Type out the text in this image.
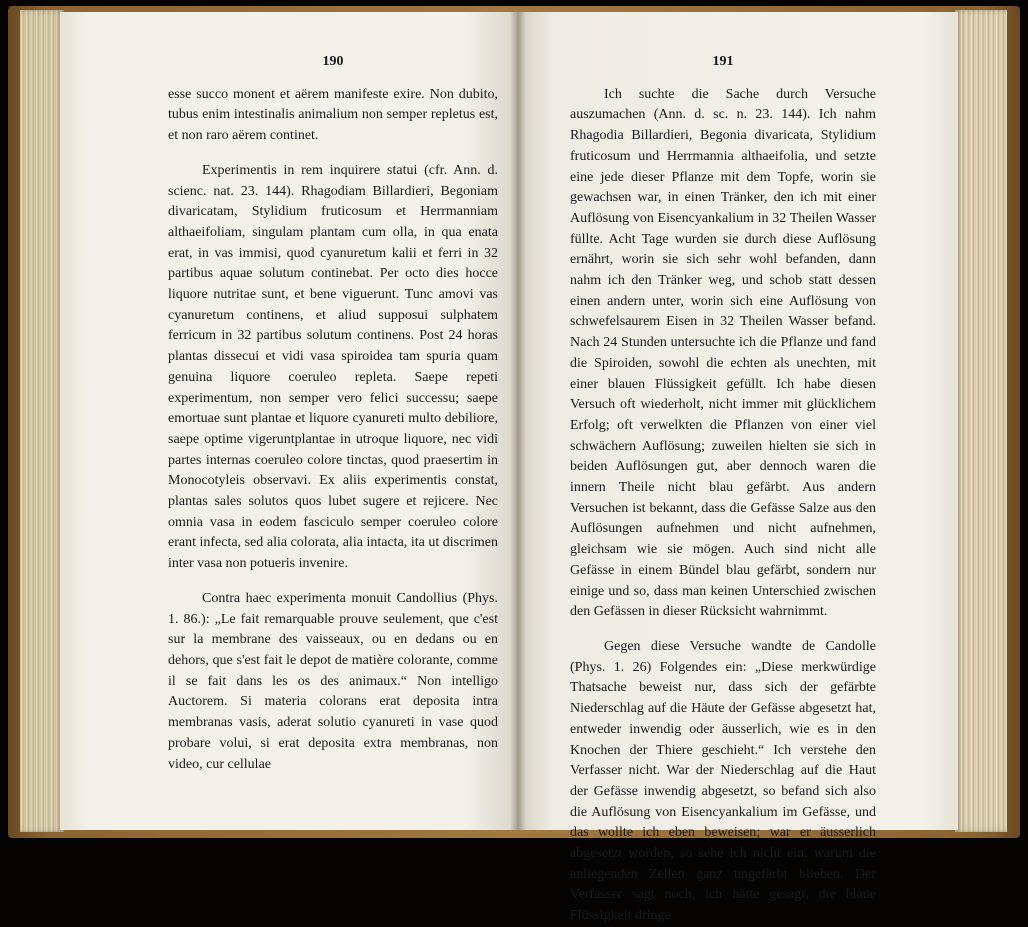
190

esse succo monent et aërem manifeste exire. Non dubito, tubus enim intestinalis animalium non semper repletus est, et non raro aërem continet.

Experimentis in rem inquirere statui (cfr. Ann. d. scienc. nat. 23. 144). Rhagodiam Billardieri, Begoniam divaricatam, Stylidium fruticosum et Herrmanniam althaeifoliam, singulam plantam cum olla, in qua enata erat, in vas immisi, quod cyanuretum kalii et ferri in 32 partibus aquae solutum continebat. Per octo dies hocce liquore nutritae sunt, et bene viguerunt. Tunc amovi vas cyanuretum continens, et aliud supposui sulphatem ferricum in 32 partibus solutum continens. Post 24 horas plantas dissecui et vidi vasa spiroidea tam spuria quam genuina liquore coeruleo repleta. Saepe repeti experimentum, non semper vero felici successu; saepe emortuae sunt plantae et liquore cyanureti multo debiliore, saepe optime vigeruntplantae in utroque liquore, nec vidi partes internas coeruleo colore tinctas, quod praesertim in Monocotyleis observavi. Ex aliis experimentis constat, plantas sales solutos quos lubet sugere et rejicere. Nec omnia vasa in eodem fasciculo semper coeruleo colore erant infecta, sed alia colorata, alia intacta, ita ut discrimen inter vasa non potueris invenire.

Contra haec experimenta monuit Candollius (Phys. 1. 86.): „Le fait remarquable prouve seulement, que c'est sur la membrane des vaisseaux, ou en dedans ou en dehors, que s'est fait le depot de matière colorante, comme il se fait dans les os des animaux.“ Non intelligo Auctorem. Si materia colorans erat deposita intra membranas vasis, aderat solutio cyanureti in vase quod probare volui, si erat deposita extra membranas, non video, cur cellulae

191

Ich suchte die Sache durch Versuche auszumachen (Ann. d. sc. n. 23. 144). Ich nahm Rhagodia Billardieri, Begonia divaricata, Stylidium fruticosum und Herrmannia althaeifolia, und setzte eine jede dieser Pflanze mit dem Topfe, worin sie gewachsen war, in einen Tränker, den ich mit einer Auflösung von Eisencyankalium in 32 Theilen Wasser füllte. Acht Tage wurden sie durch diese Auflösung ernährt, worin sie sich sehr wohl befanden, dann nahm ich den Tränker weg, und schob statt dessen einen andern unter, worin sich eine Auflösung von schwefelsaurem Eisen in 32 Theilen Wasser befand. Nach 24 Stunden untersuchte ich die Pflanze und fand die Spiroiden, sowohl die echten als unechten, mit einer blauen Flüssigkeit gefüllt. Ich habe diesen Versuch oft wiederholt, nicht immer mit glücklichem Erfolg; oft verwelkten die Pflanzen von einer viel schwächern Auflösung; zuweilen hielten sie sich in beiden Auflösungen gut, aber dennoch waren die innern Theile nicht blau gefärbt. Aus andern Versuchen ist bekannt, dass die Gefässe Salze aus den Auflösungen aufnehmen und nicht aufnehmen, gleichsam wie sie mögen. Auch sind nicht alle Gefässe in einem Bündel blau gefärbt, sondern nur einige und so, dass man keinen Unterschied zwischen den Gefässen in dieser Rücksicht wahrnimmt.

Gegen diese Versuche wandte de Candolle (Phys. 1. 26) Folgendes ein: „Diese merkwürdige Thatsache beweist nur, dass sich der gefärbte Niederschlag auf die Häute der Gefässe abgesetzt hat, entweder inwendig oder äusserlich, wie es in den Knochen der Thiere geschieht.“ Ich verstehe den Verfasser nicht. War der Niederschlag auf die Haut der Gefässe inwendig abgesetzt, so befand sich also die Auflösung von Eisencyankalium im Gefässe, und das wollte ich eben beweisen; war er äusserlich abgesetzt worden, so sehe ich nicht ein, warum die anliegenden Zellen ganz ungefärbt blieben. Der Verfasser sagt noch, ich hätte gesagt, die blaue Flüssigkeit dringe
